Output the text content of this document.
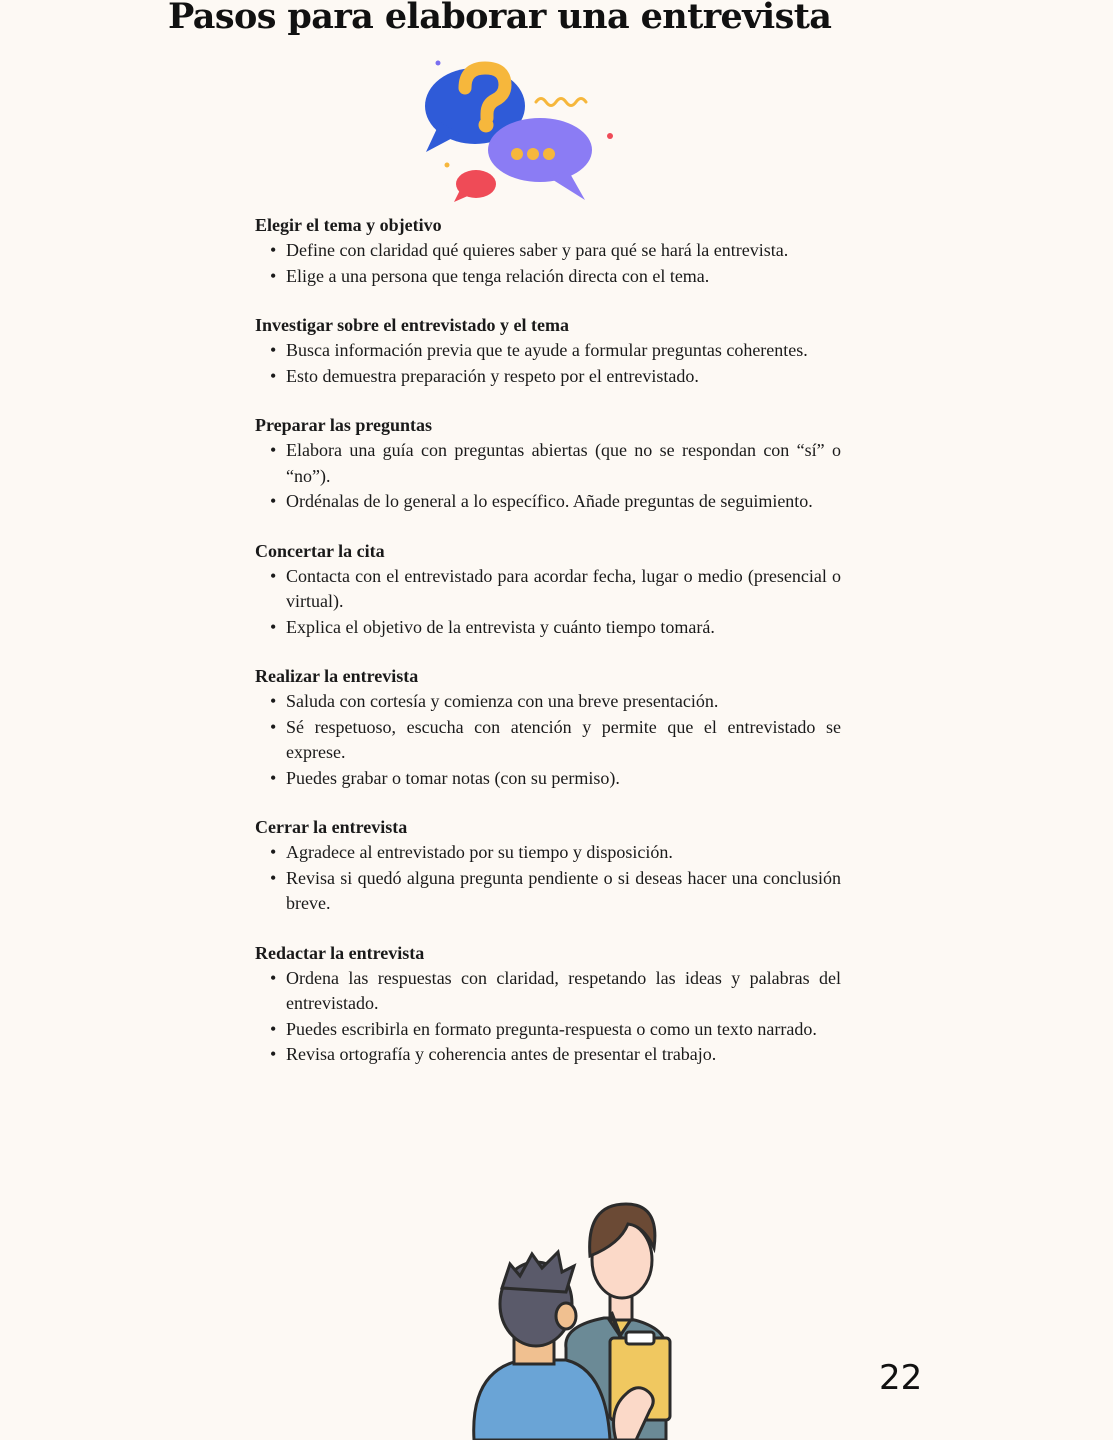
Pasos para elaborar una entrevista

Elegir el tema y objetivo

• Define con claridad qué quieres saber y para qué se hará la entrevista.
• Elige a una persona que tenga relación directa con el tema.

Investigar sobre el entrevistado y el tema

• Busca información previa que te ayude a formular preguntas coherentes.
• Esto demuestra preparación y respeto por el entrevistado.

Preparar las preguntas

• Elabora una guía con preguntas abiertas (que no se respondan con “sí” o “no”).
• Ordénalas de lo general a lo específico. Añade preguntas de seguimiento.

Concertar la cita

• Contacta con el entrevistado para acordar fecha, lugar o medio (presencial o virtual).
• Explica el objetivo de la entrevista y cuánto tiempo tomará.

Realizar la entrevista

• Saluda con cortesía y comienza con una breve presentación.
• Sé respetuoso, escucha con atención y permite que el entrevistado se exprese.
• Puedes grabar o tomar notas (con su permiso).

Cerrar la entrevista

• Agradece al entrevistado por su tiempo y disposición.
• Revisa si quedó alguna pregunta pendiente o si deseas hacer una conclusión breve.

Redactar la entrevista

• Ordena las respuestas con claridad, respetando las ideas y palabras del entrevistado.
• Puedes escribirla en formato pregunta-respuesta o como un texto narrado.
• Revisa ortografía y coherencia antes de presentar el trabajo.
22
